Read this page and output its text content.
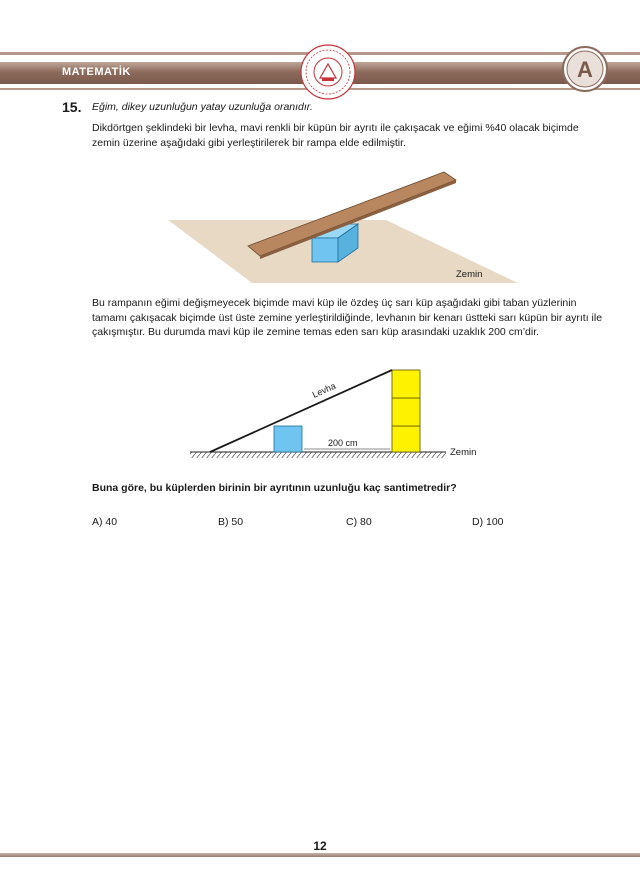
MATEMATİK	A
15. Eğim, dikey uzunluğun yatay uzunluğa oranıdır.

Dikdörtgen şeklindeki bir levha, mavi renkli bir küpün bir ayrıtı ile çakışacak ve eğimi %40 olacak biçimde zemin üzerine aşağıdaki gibi yerleştirilerek bir rampa elde edilmiştir.

Zemin

Bu rampanın eğimi değişmeyecek biçimde mavi küp ile özdeş üç sarı küp aşağıdaki gibi taban yüzlerinin tamamı çakışacak biçimde üst üste zemine yerleştirildiğinde, levhanın bir kenarı üstteki sarı küpün bir ayrıtı ile çakışmıştır. Bu durumda mavi küp ile zemine temas eden sarı küp arasındaki uzaklık 200 cm’dir.

Levha
200 cm
Zemin
Buna göre, bu küplerden birinin bir ayrıtının uzunluğu kaç santimetredir?
A) 40	B) 50	C) 80	D) 100
12
